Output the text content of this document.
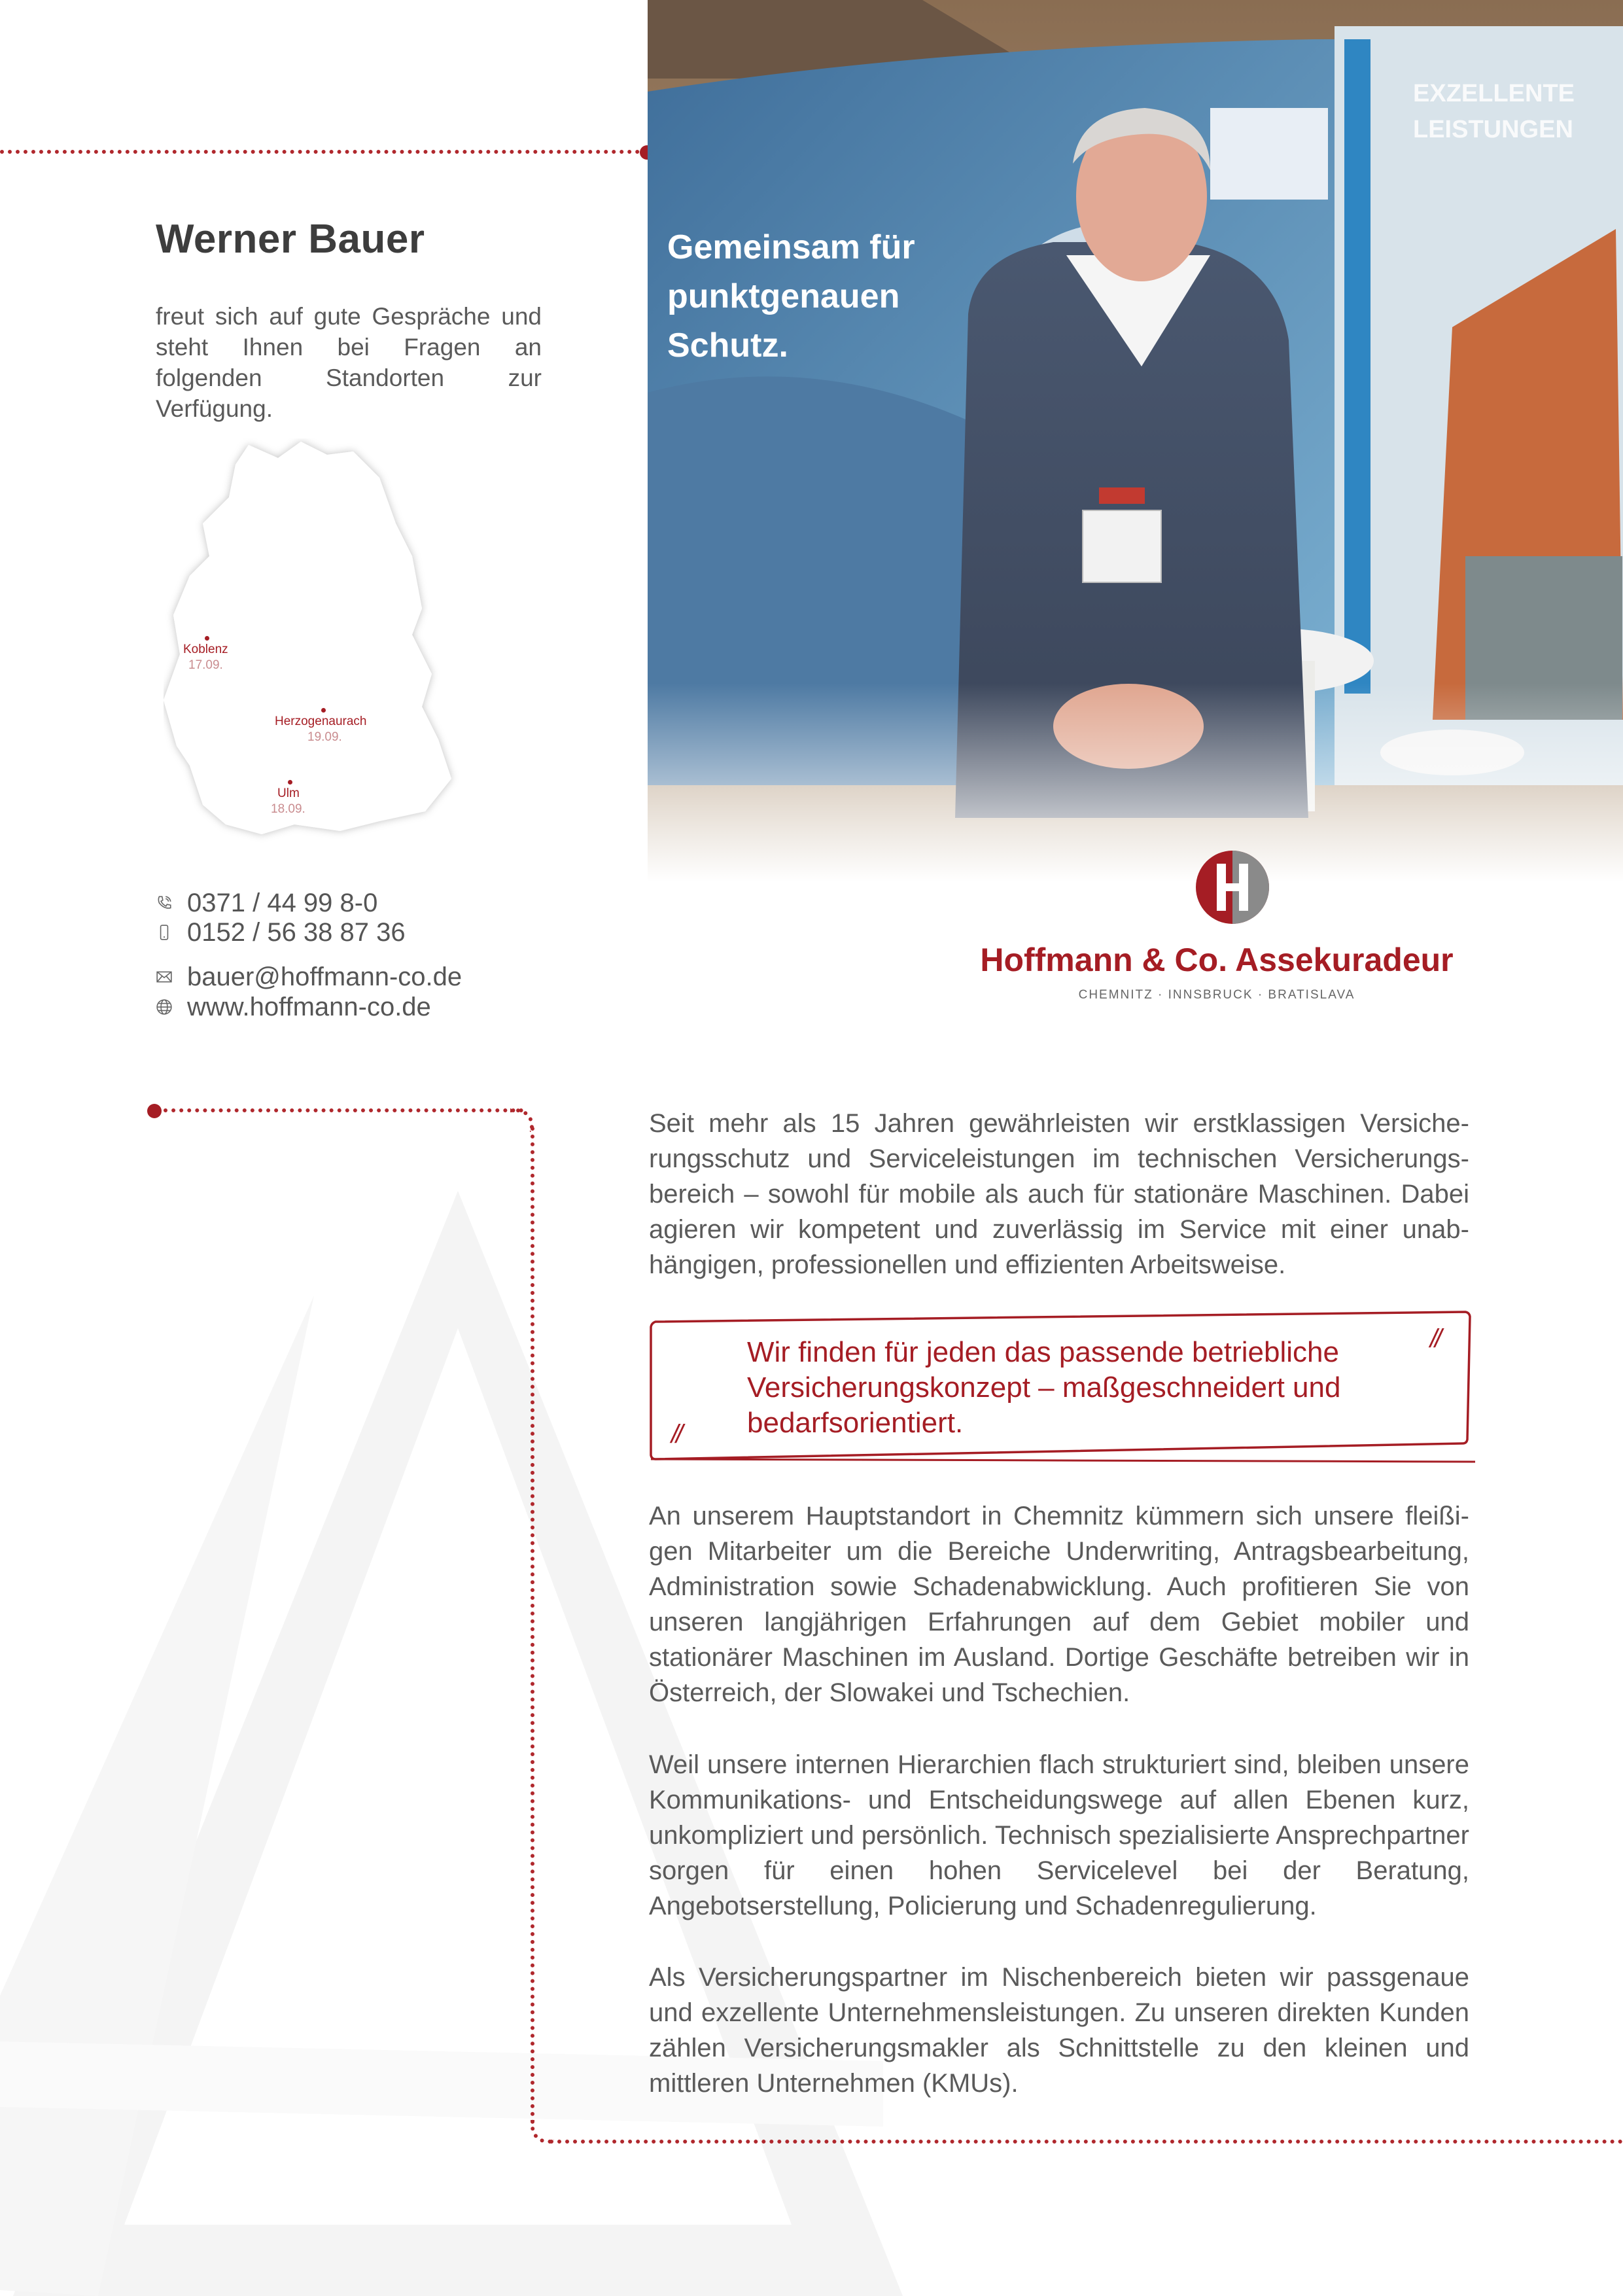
Werner Bauer
freut sich auf gute Gespräche und steht Ihnen bei Fragen an folgenden Standorten zur Verfügung.
Koblenz
17.09.
Herzogenaurach
19.09.
Ulm
18.09.
0371 / 44 99 8-0
0152 / 56 38 87 36
bauer@hoffmann-co.de
www.hoffmann-co.de
Hoffmann & Co. Assekuradeur
CHEMNITZ · INNSBRUCK · BRATISLAVA
Seit mehr als 15 Jahren gewährleisten wir erstklassigen Versicherungsschutz und Serviceleistungen im technischen Versicherungsbereich – sowohl für mobile als auch für stationäre Maschinen. Dabei agieren wir kompetent und zuverlässig im Service mit einer unabhängigen, professionellen und effizienten Arbeitsweise.
//
Wir finden für jeden das passende betriebliche Versicherungskonzept – maßgeschneidert und bedarfsorientiert.
//
An unserem Hauptstandort in Chemnitz kümmern sich unsere fleißigen Mitarbeiter um die Bereiche Underwriting, Antragsbearbeitung, Administration sowie Schadenabwicklung. Auch profitieren Sie von unseren langjährigen Erfahrungen auf dem Gebiet mobiler und stationärer Maschinen im Ausland. Dortige Geschäfte betreiben wir in Österreich, der Slowakei und Tschechien.
Weil unsere internen Hierarchien flach strukturiert sind, bleiben unsere Kommunikations- und Entscheidungswege auf allen Ebenen kurz, unkompliziert und persönlich. Technisch spezialisierte Ansprechpartner sorgen für einen hohen Servicelevel bei der Beratung, Angebotserstellung, Policierung und Schadenregulierung.
Als Versicherungspartner im Nischenbereich bieten wir passgenaue und exzellente Unternehmensleistungen. Zu unseren direkten Kunden zählen Versicherungsmakler als Schnittstelle zu den kleinen und mittleren Unternehmen (KMUs).
